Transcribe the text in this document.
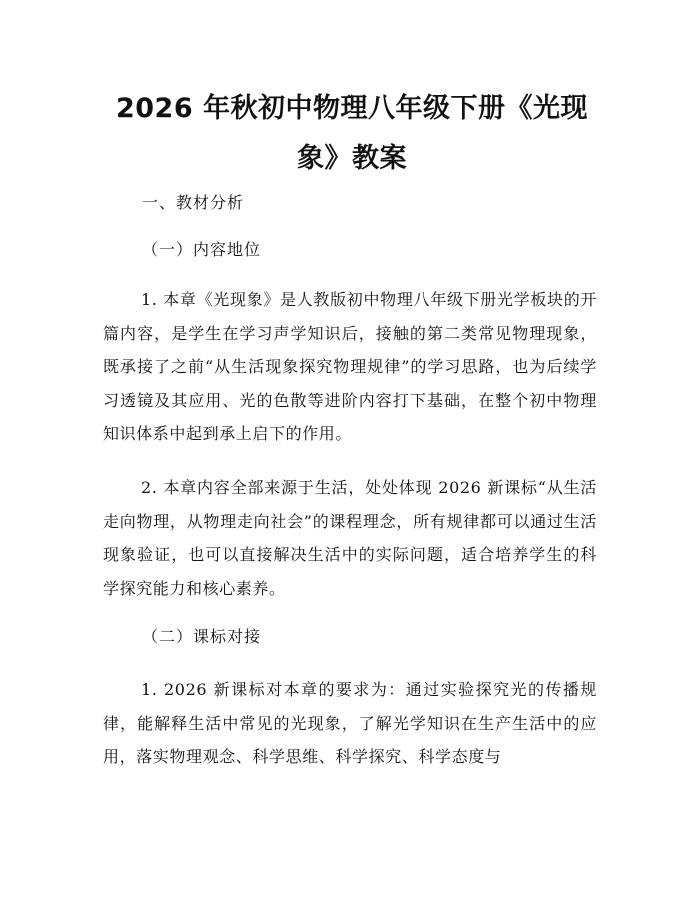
2026 年秋初中物理八年级下册《光现象》教案

一、教材分析

（一）内容地位

1. 本章《光现象》是人教版初中物理八年级下册光学板块的开篇内容，是学生在学习声学知识后，接触的第二类常见物理现象，既承接了之前“从生活现象探究物理规律”的学习思路，也为后续学习透镜及其应用、光的色散等进阶内容打下基础，在整个初中物理知识体系中起到承上启下的作用。

2. 本章内容全部来源于生活，处处体现 2026 新课标“从生活走向物理，从物理走向社会”的课程理念，所有规律都可以通过生活现象验证，也可以直接解决生活中的实际问题，适合培养学生的科学探究能力和核心素养。

（二）课标对接

1. 2026 新课标对本章的要求为：通过实验探究光的传播规律，能解释生活中常见的光现象，了解光学知识在生产生活中的应用，落实物理观念、科学思维、科学探究、科学态度与
